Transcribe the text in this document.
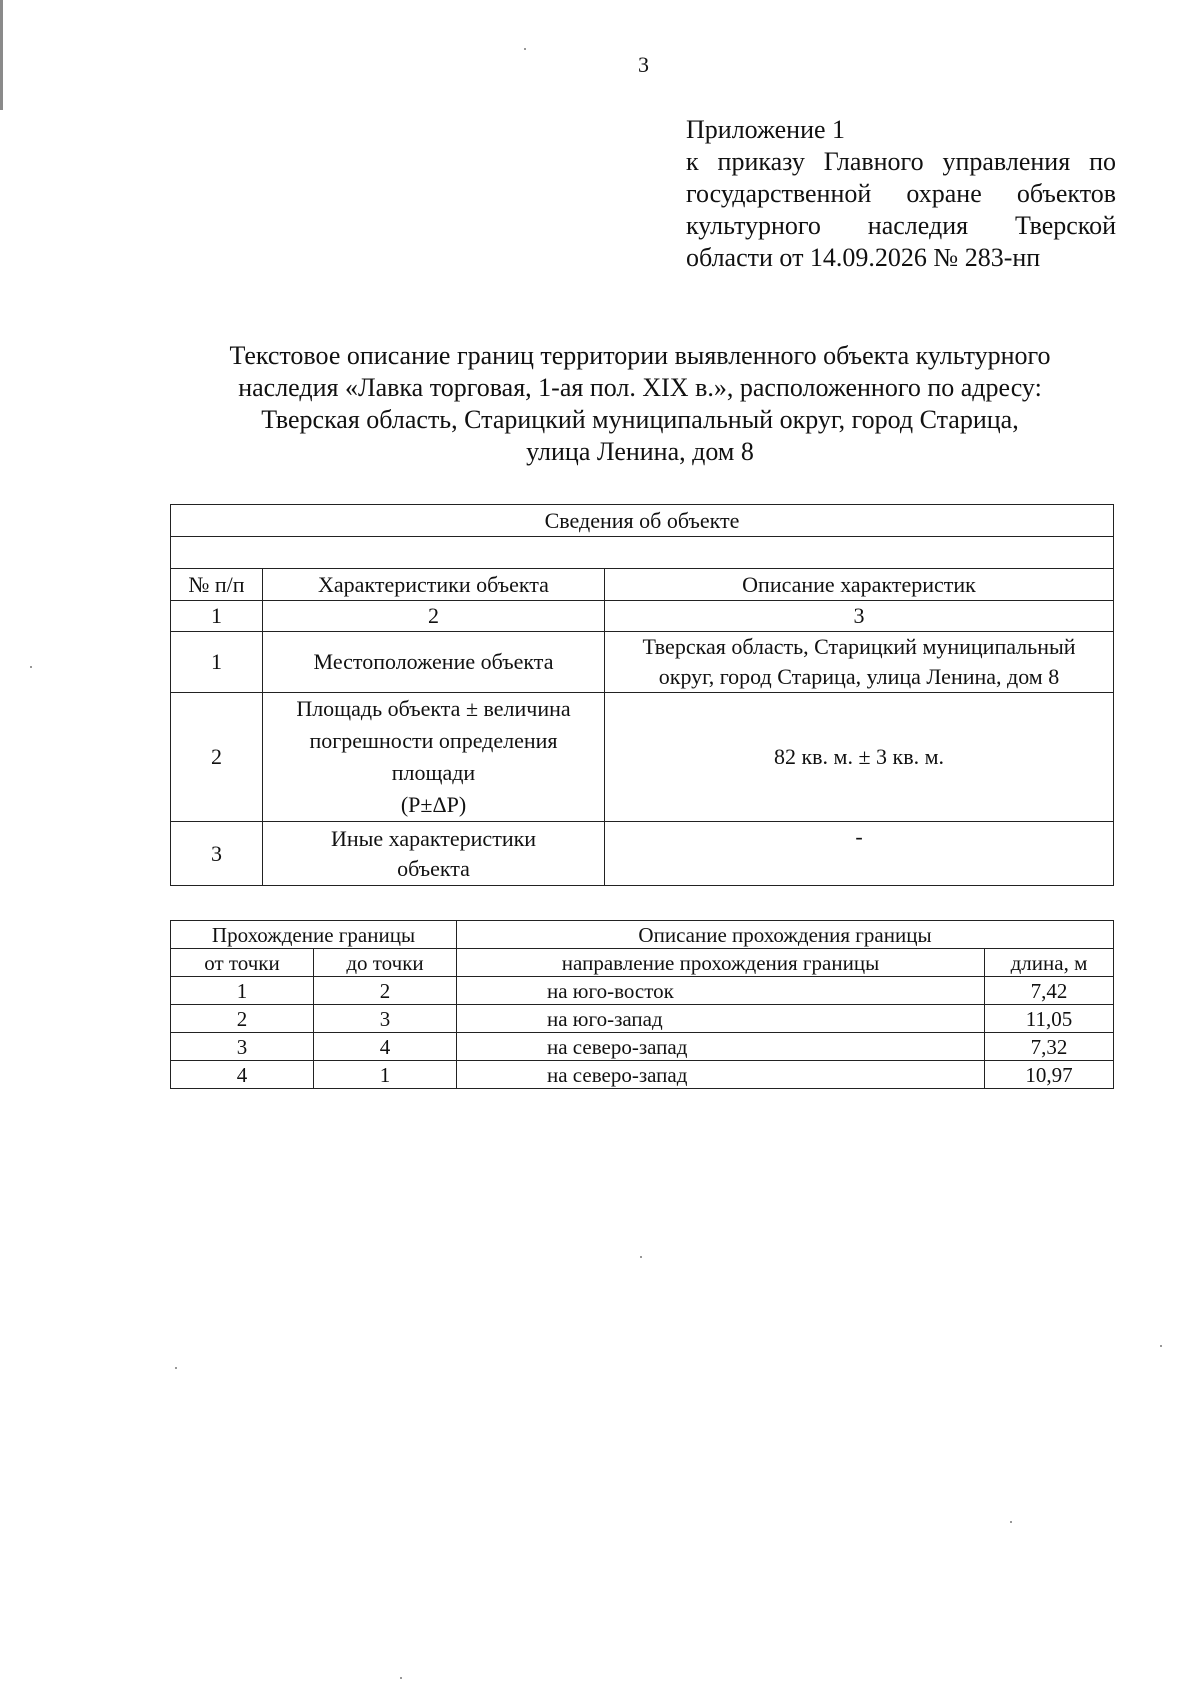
3
Приложение 1
к приказу Главного управления по
государственной охране объектов
культурного наследия Тверской
области от 14.09.2026 № 283-нп
Текстовое описание границ территории выявленного объекта культурного
наследия «Лавка торговая, 1-ая пол. XIX в.», расположенного по адресу:
Тверская область, Старицкий муниципальный округ, город Старица,
улица Ленина, дом 8
Сведения об объекте		

№ п/п	Характеристики объекта	Описание характеристик
1	2	3
1	Местоположение объекта	Тверская область, Старицкий муниципальный
округ, город Старица, улица Ленина, дом 8

2	Площадь объекта ± величина
погрешности определения
площади
(P±ΔP)	82 кв. м. ± 3 кв. м.
3	Иные характеристики
объекта	-
Прохождение границы		Описание прохождения границы	
от точки	до точки	направление прохождения границы	длина, м
1	2	на юго-восток	7,42
2	3	на юго-запад	11,05
3	4	на северо-запад	7,32
4	1	на северо-запад	10,97
